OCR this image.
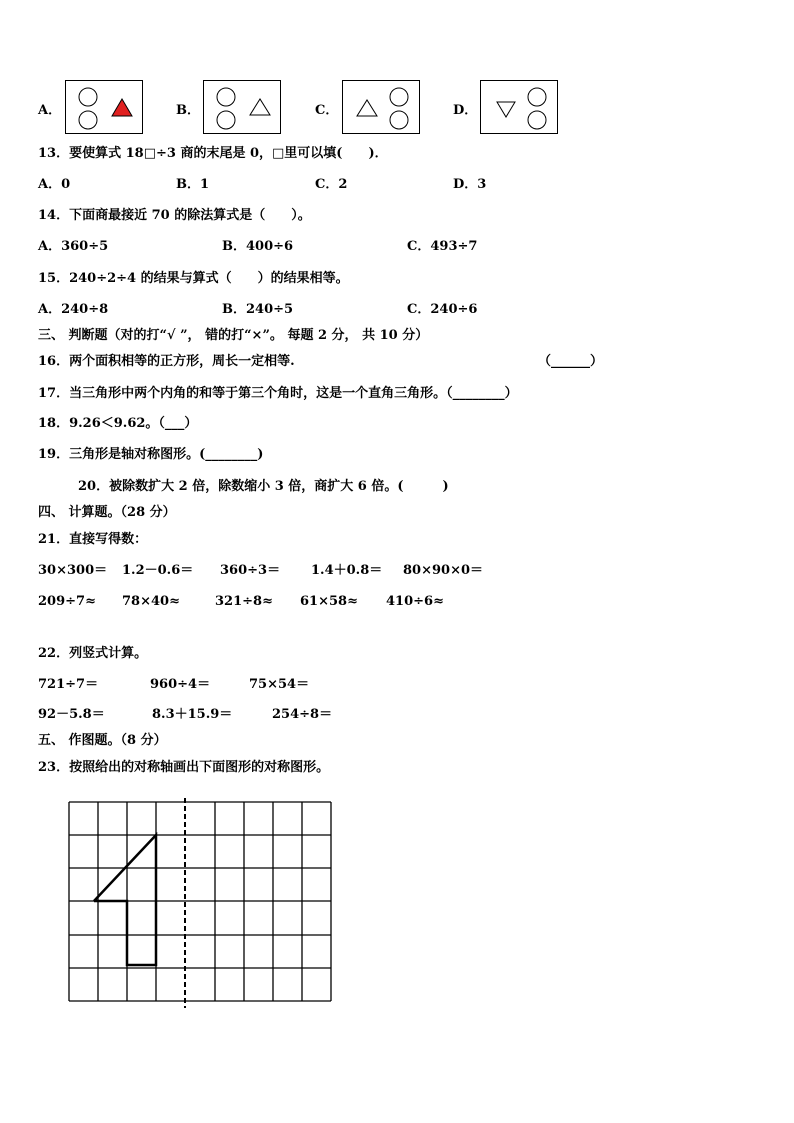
A．	B．	C．	D．
13．要使算式 18□÷3 商的末尾是 0，□里可以填(　　)．
A．0	B．1	C．2	D．3
14．下面商最接近 70 的除法算式是（　　）。
A．360÷5	B．400÷6	C．493÷7
15．240÷2÷4 的结果与算式（　　）的结果相等。
A．240÷8	B．240÷5	C．240÷6
三、 判断题（对的打“√ ”， 错的打“×”。 每题 2 分， 共 10 分）
16．两个面积相等的正方形，周长一定相等.	（______）
17．当三角形中两个内角的和等于第三个角时，这是一个直角三角形。（________）
18．9.26＜9.62。（___）
19．三角形是轴对称图形。(________)
20．被除数扩大 2 倍，除数缩小 3 倍，商扩大 6 倍。(　　　)
四、 计算题。（28 分）
21．直接写得数：
30×300＝ 1.2－0.6＝ 360÷3＝ 1.4＋0.8＝ 80×90×0＝
209÷7≈ 78×40≈	321÷8≈ 61×58≈ 410÷6≈
22．列竖式计算。
721÷7＝	960÷4＝	75×54＝
92－5.8＝	8.3＋15.9＝	254÷8＝
五、 作图题。（8 分）
23．按照给出的对称轴画出下面图形的对称图形。
